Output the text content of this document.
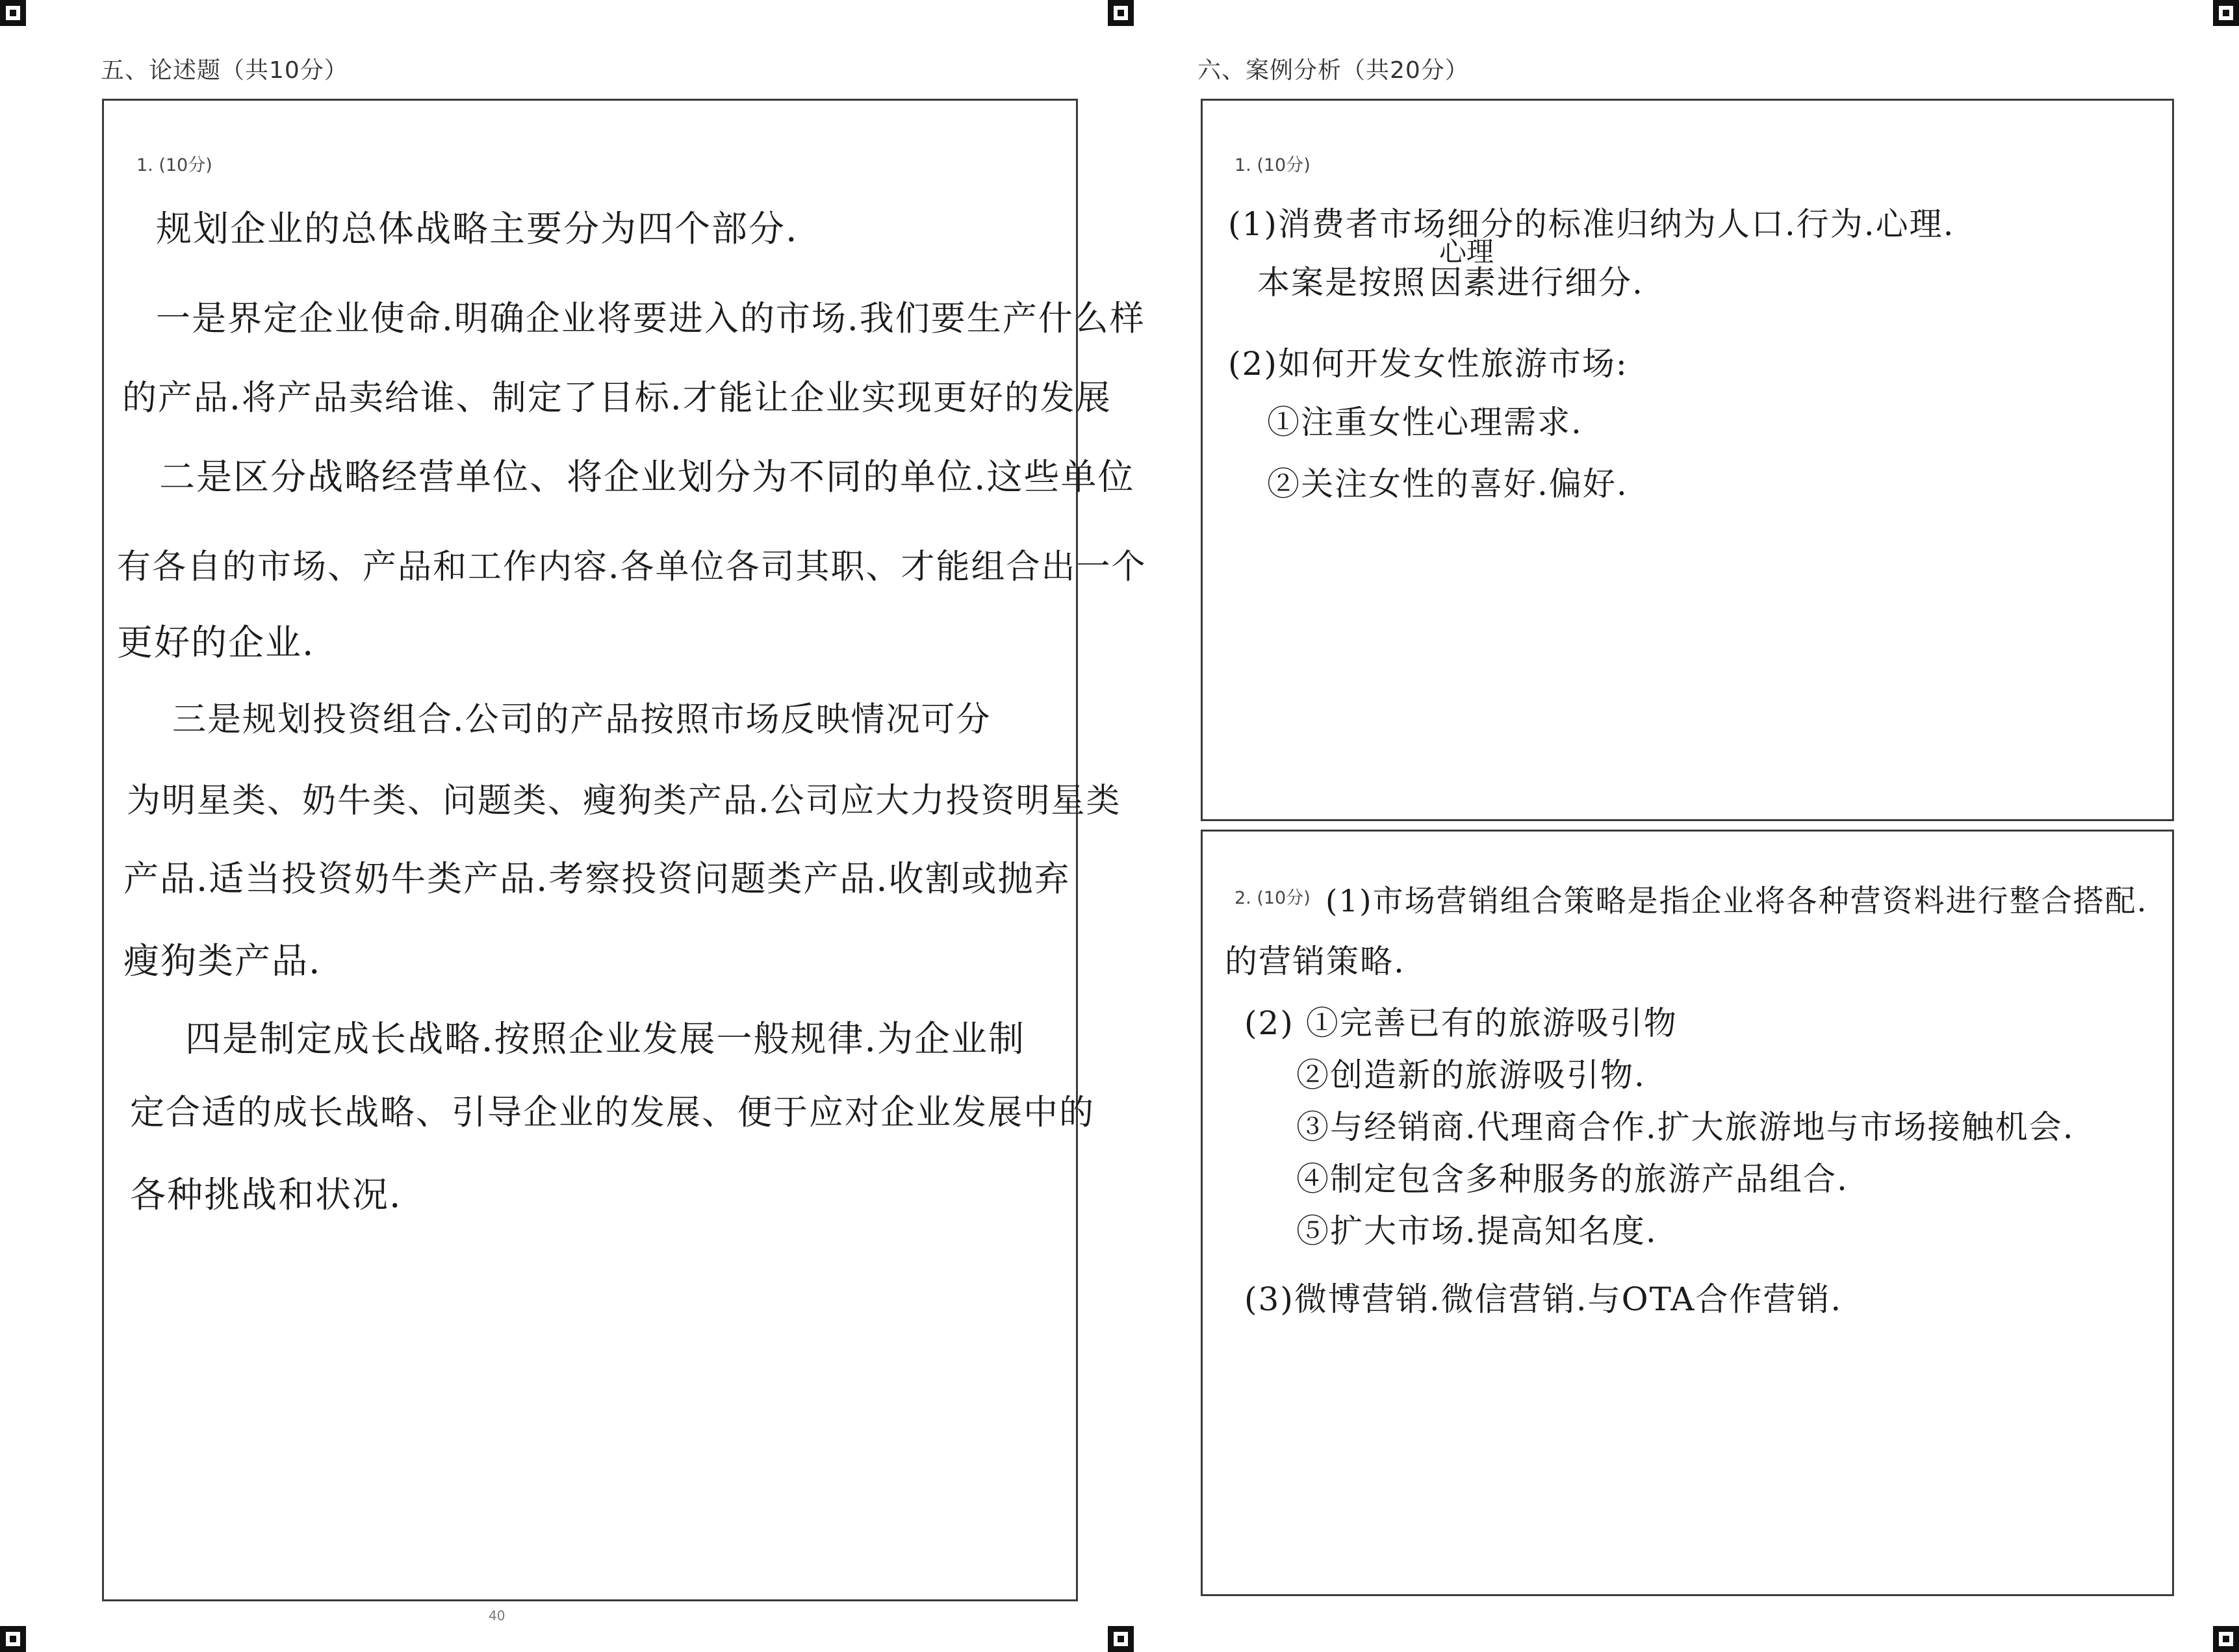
五、论述题（共10分）
1. (10分)
规划企业的总体战略主要分为四个部分.
一是界定企业使命.明确企业将要进入的市场.我们要生产什么样
的产品.将产品卖给谁、制定了目标.才能让企业实现更好的发展
二是区分战略经营单位、将企业划分为不同的单位.这些单位
有各自的市场、产品和工作内容.各单位各司其职、才能组合出一个
更好的企业.
三是规划投资组合.公司的产品按照市场反映情况可分
为明星类、奶牛类、问题类、瘦狗类产品.公司应大力投资明星类
产品.适当投资奶牛类产品.考察投资问题类产品.收割或抛弃
瘦狗类产品.
四是制定成长战略.按照企业发展一般规律.为企业制
定合适的成长战略、引导企业的发展、便于应对企业发展中的
各种挑战和状况.
40
六、案例分析（共20分）
1. (10分)
(1)消费者市场细分的标准归纳为人口.行为.心理.
本案是按照
心理
因素进行细分.
(2)如何开发女性旅游市场:
①注重女性心理需求.
②关注女性的喜好.偏好.
2. (10分) (1)市场营销组合策略是指企业将各种营资料进行整合搭配.
的营销策略.
(2) ①完善已有的旅游吸引物
②创造新的旅游吸引物.
③与经销商.代理商合作.扩大旅游地与市场接触机会.
④制定包含多种服务的旅游产品组合.
⑤扩大市场.提高知名度.
(3)微博营销.微信营销.与OTA合作营销.
